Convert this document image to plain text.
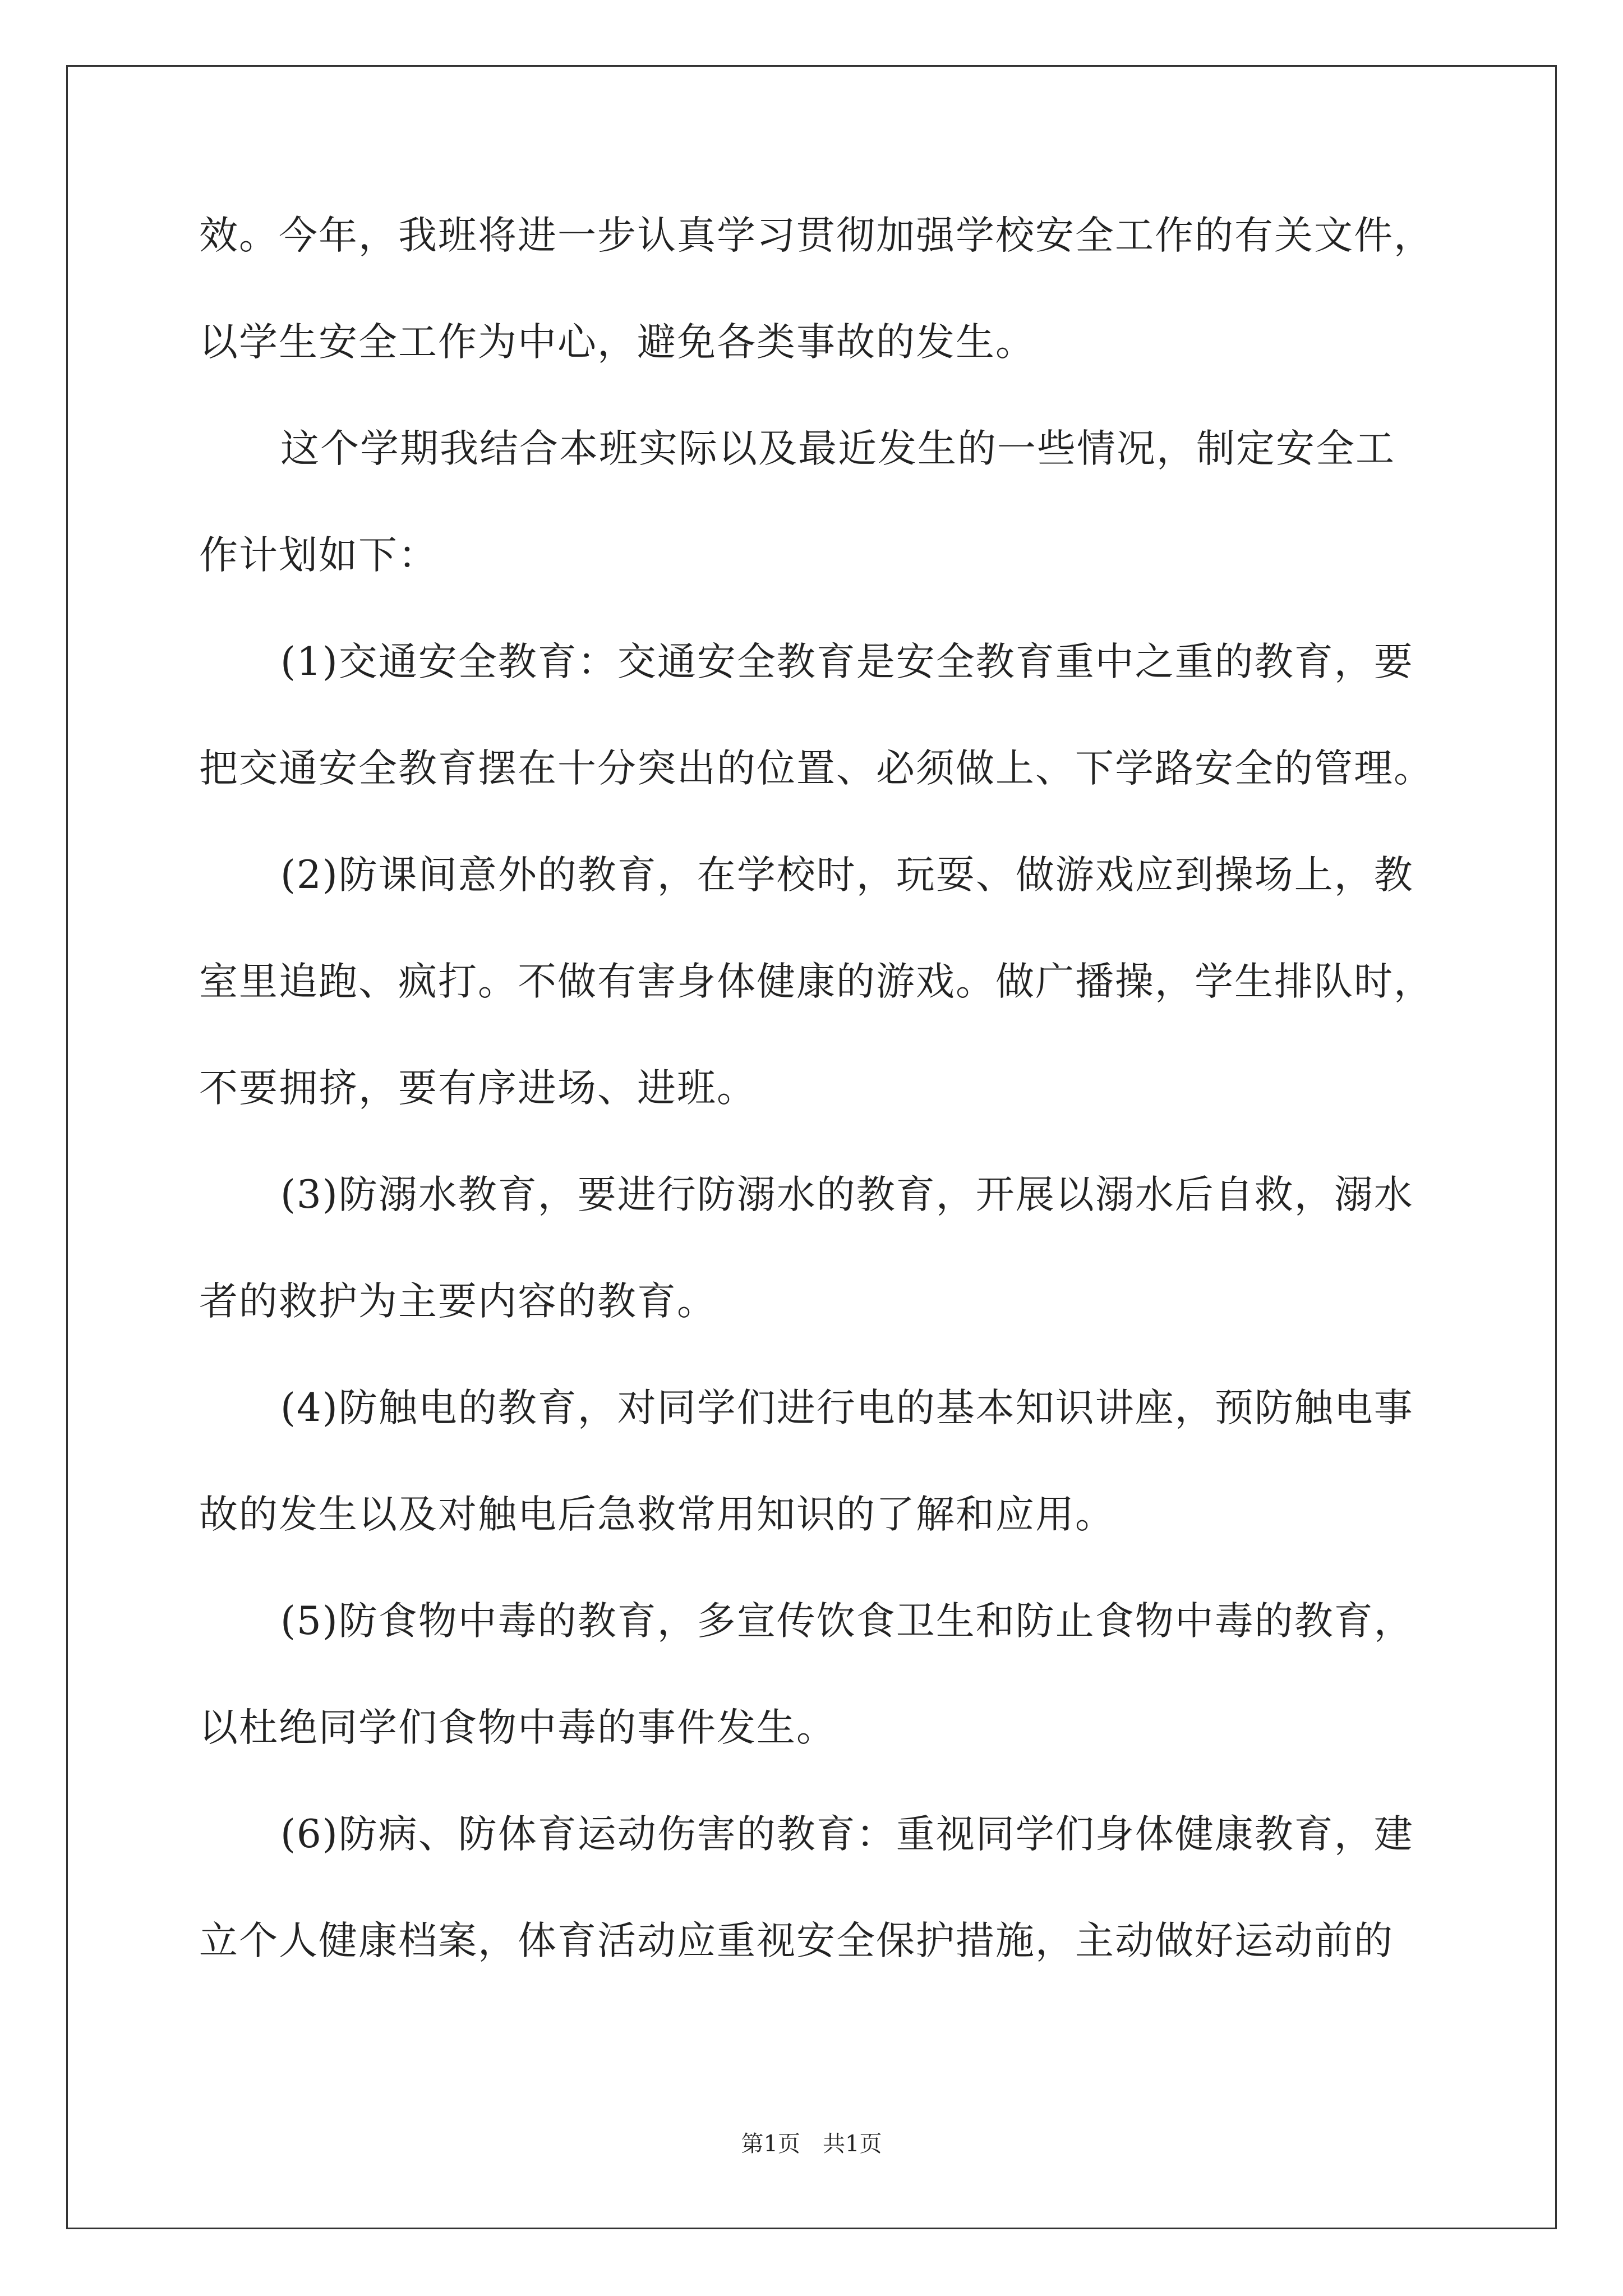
效。今年，我班将进一步认真学习贯彻加强学校安全工作的有关文件，
以学生安全工作为中心，避免各类事故的发生。
这个学期我结合本班实际以及最近发生的一些情况，制定安全工
作计划如下：
(1)交通安全教育：交通安全教育是安全教育重中之重的教育，要
把交通安全教育摆在十分突出的位置、必须做上、下学路安全的管理。
(2)防课间意外的教育，在学校时，玩耍、做游戏应到操场上，教
室里追跑、疯打。不做有害身体健康的游戏。做广播操，学生排队时，
不要拥挤，要有序进场、进班。
(3)防溺水教育，要进行防溺水的教育，开展以溺水后自救，溺水
者的救护为主要内容的教育。
(4)防触电的教育，对同学们进行电的基本知识讲座，预防触电事
故的发生以及对触电后急救常用知识的了解和应用。
(5)防食物中毒的教育，多宣传饮食卫生和防止食物中毒的教育，
以杜绝同学们食物中毒的事件发生。
(6)防病、防体育运动伤害的教育：重视同学们身体健康教育，建
立个人健康档案，体育活动应重视安全保护措施，主动做好运动前的
第1页　共1页
